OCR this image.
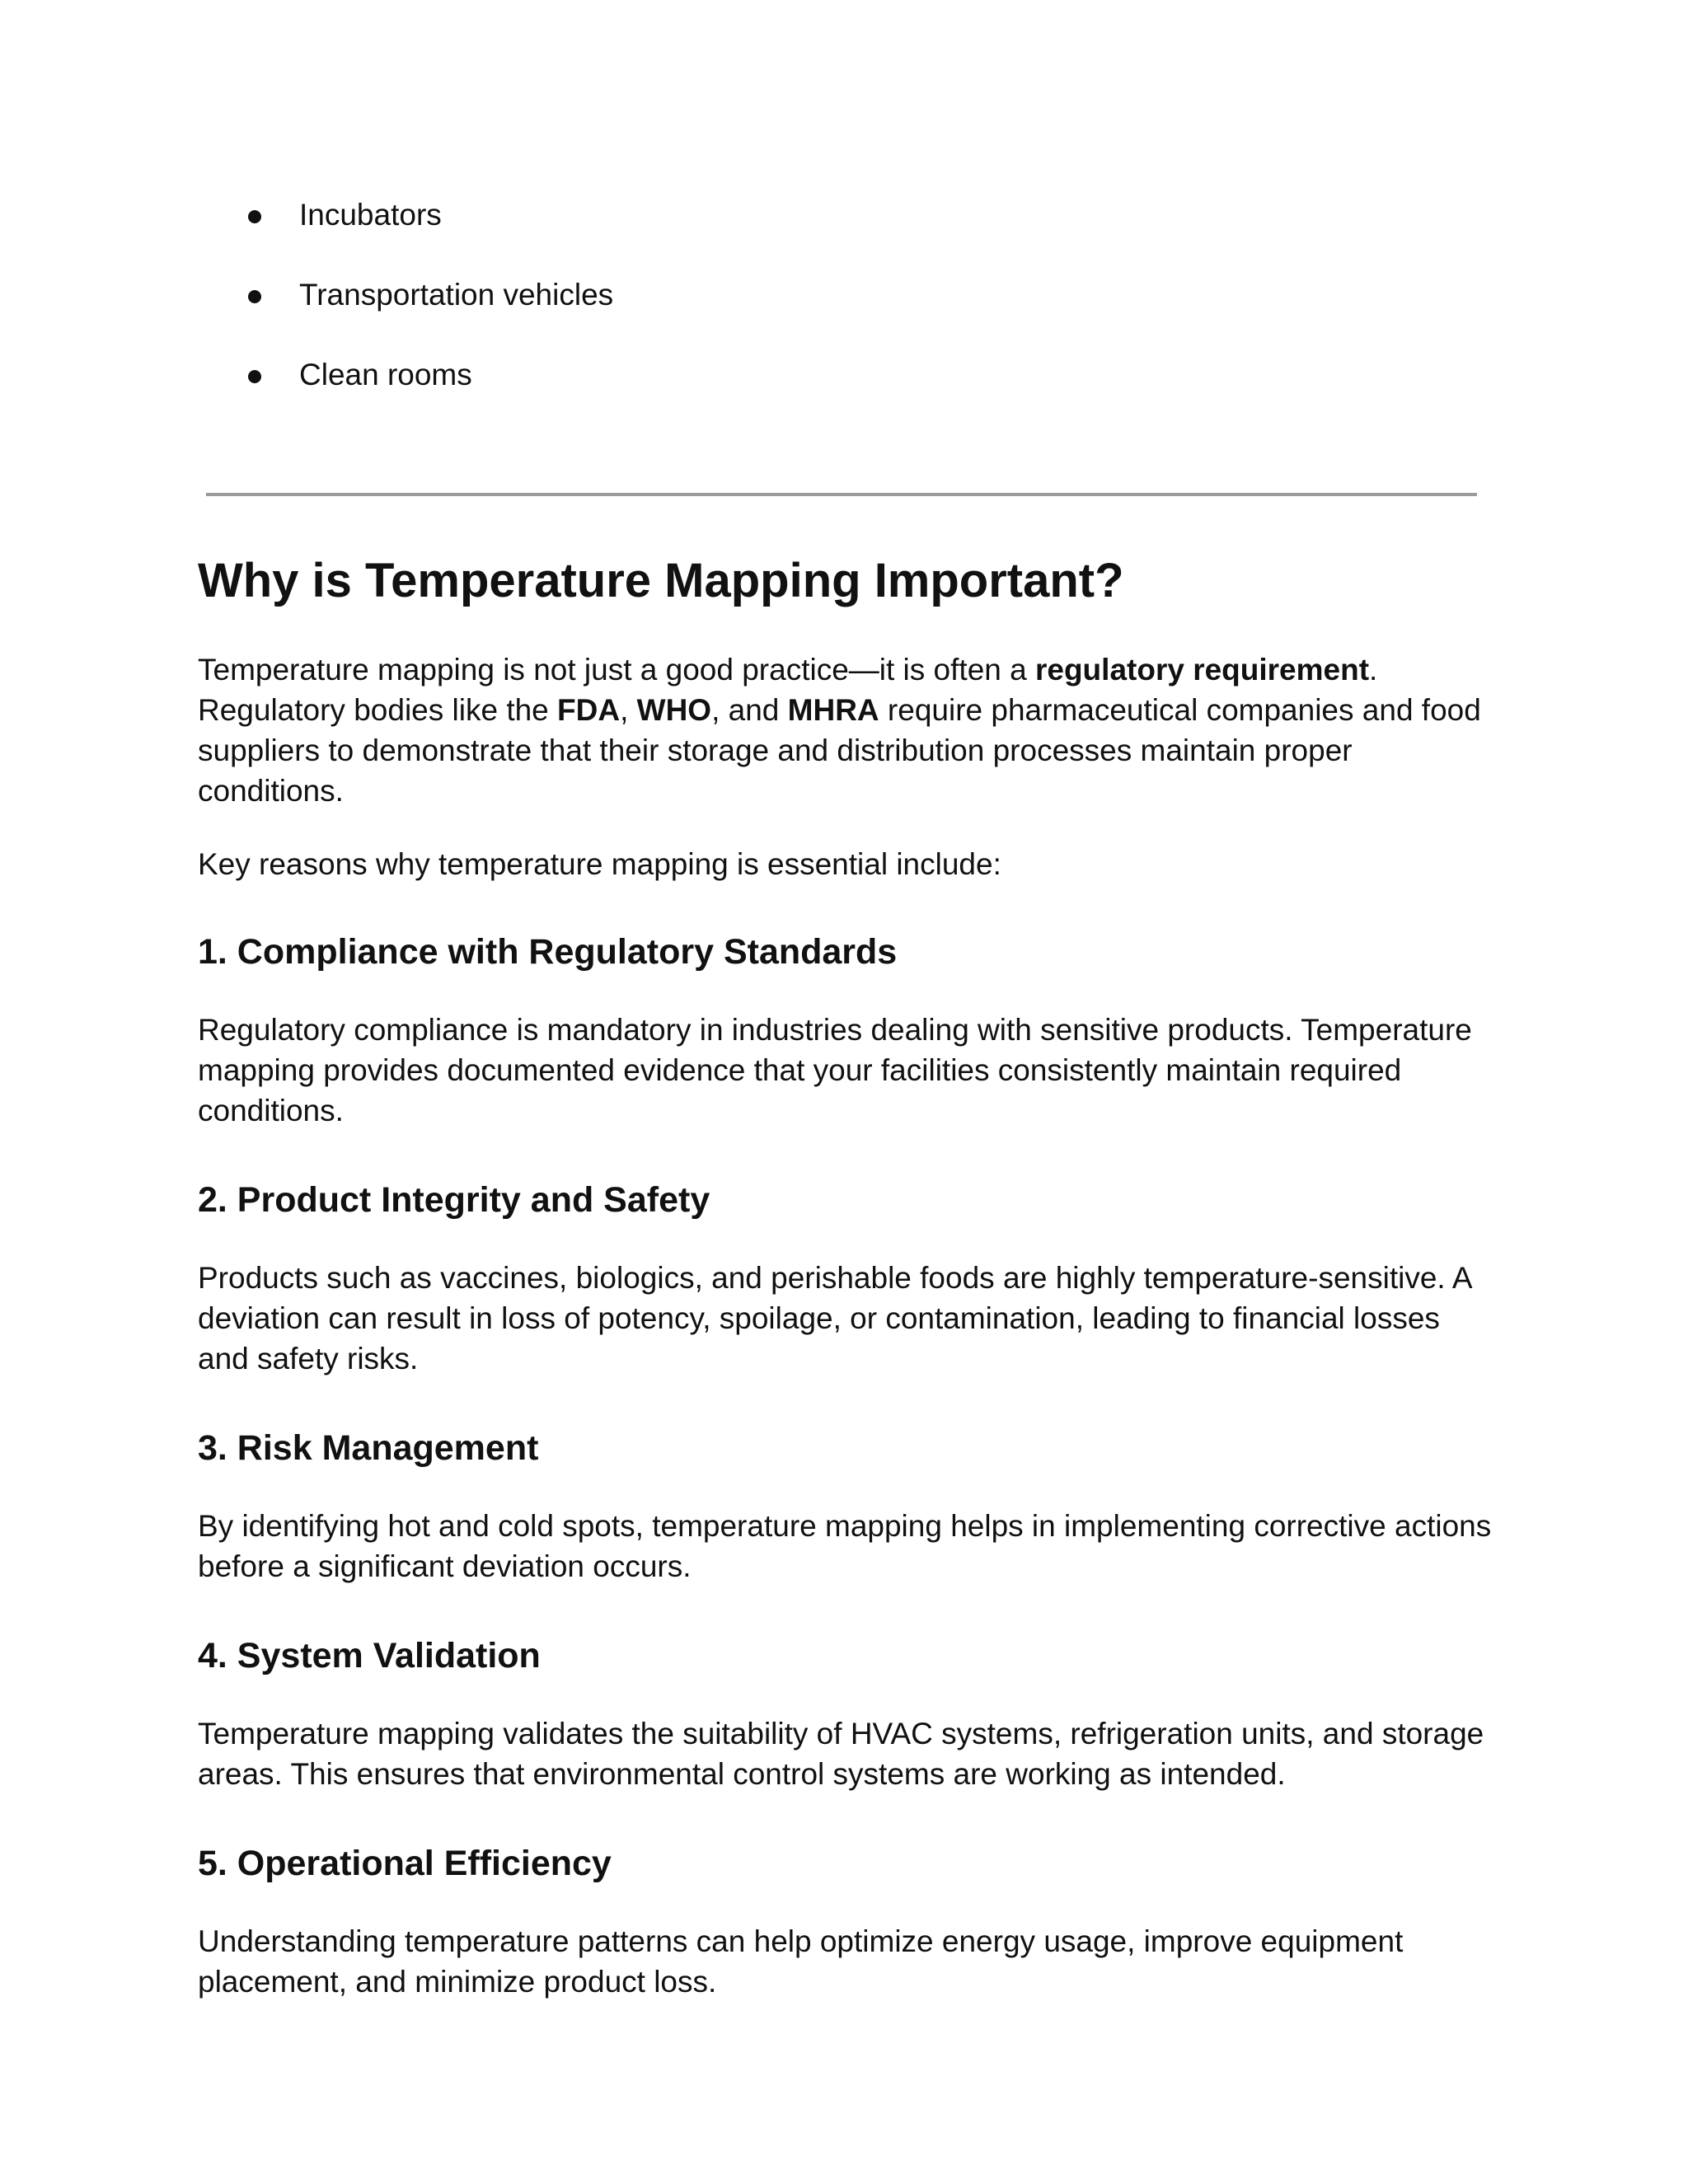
Incubators
Transportation vehicles
Clean rooms
Why is Temperature Mapping Important?

Temperature mapping is not just a good practice—it is often a regulatory requirement. Regulatory bodies like the FDA, WHO, and MHRA require pharmaceutical companies and food suppliers to demonstrate that their storage and distribution processes maintain proper conditions.

Key reasons why temperature mapping is essential include:

1. Compliance with Regulatory Standards

Regulatory compliance is mandatory in industries dealing with sensitive products. Temperature mapping provides documented evidence that your facilities consistently maintain required conditions.

2. Product Integrity and Safety

Products such as vaccines, biologics, and perishable foods are highly temperature-sensitive. A deviation can result in loss of potency, spoilage, or contamination, leading to financial losses and safety risks.

3. Risk Management

By identifying hot and cold spots, temperature mapping helps in implementing corrective actions before a significant deviation occurs.

4. System Validation

Temperature mapping validates the suitability of HVAC systems, refrigeration units, and storage areas. This ensures that environmental control systems are working as intended.

5. Operational Efficiency

Understanding temperature patterns can help optimize energy usage, improve equipment placement, and minimize product loss.
